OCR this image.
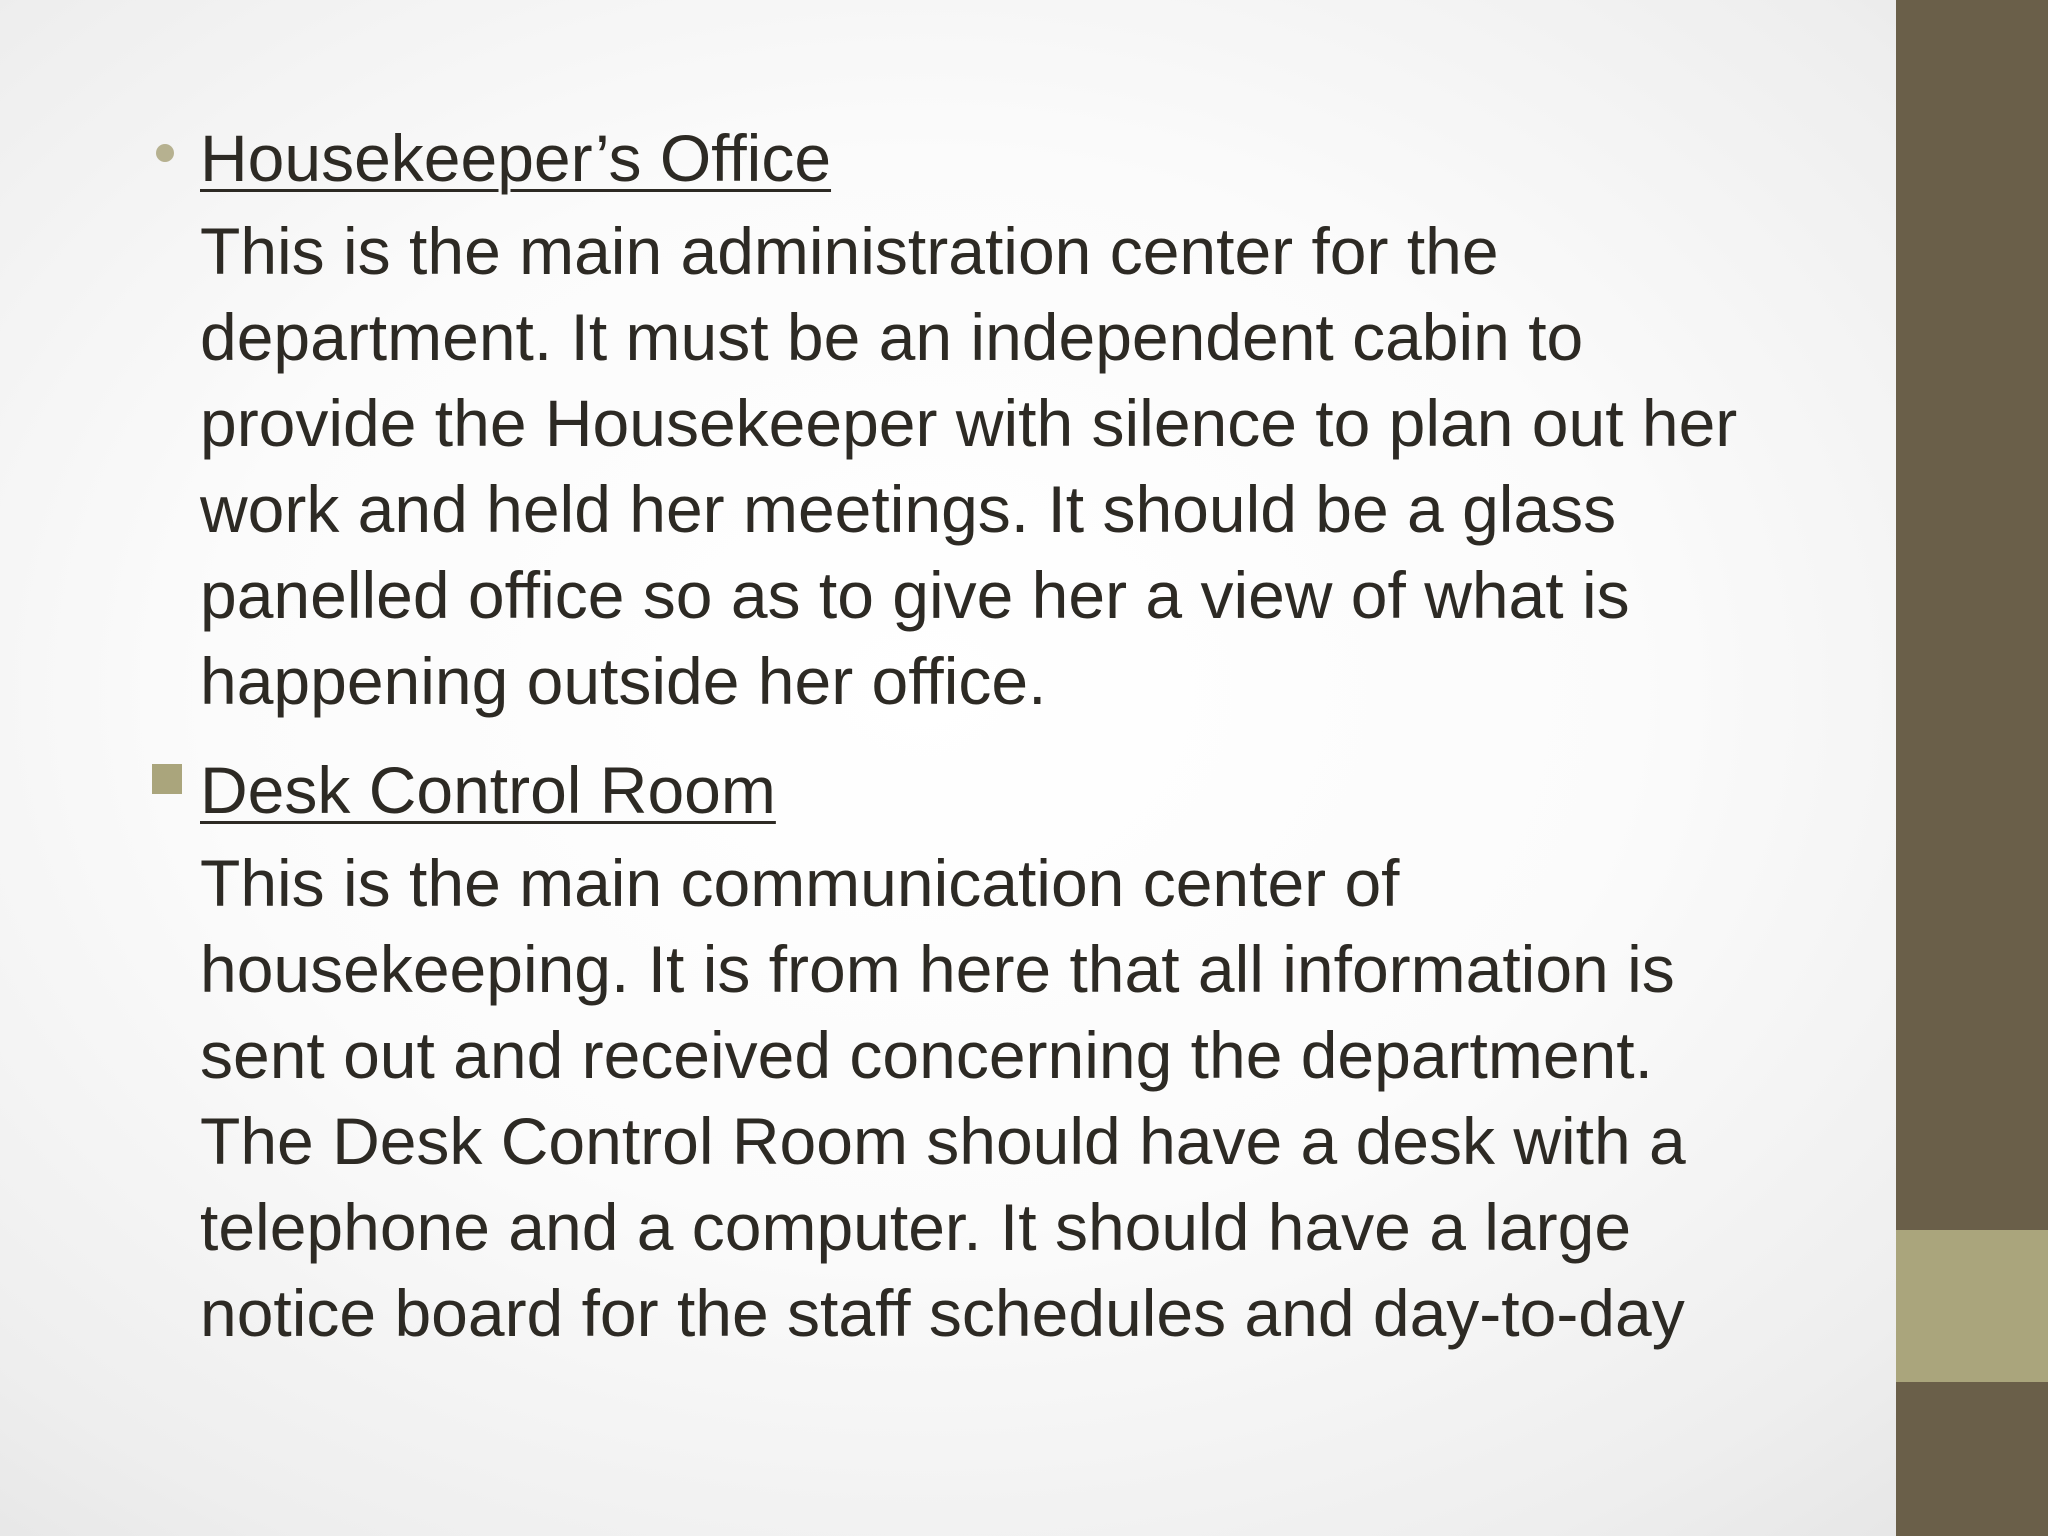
Housekeeper’s Office
This is the main administration center for the
department. It must be an independent cabin to
provide the Housekeeper with silence to plan out her
work and held her meetings. It should be a glass
panelled office so as to give her a view of what is
happening outside her office.
Desk Control Room
This is the main communication center of
housekeeping. It is from here that all information is
sent out and received concerning the department.
The Desk Control Room should have a desk with a
telephone and a computer. It should have a large
notice board for the staff schedules and day-to-day
